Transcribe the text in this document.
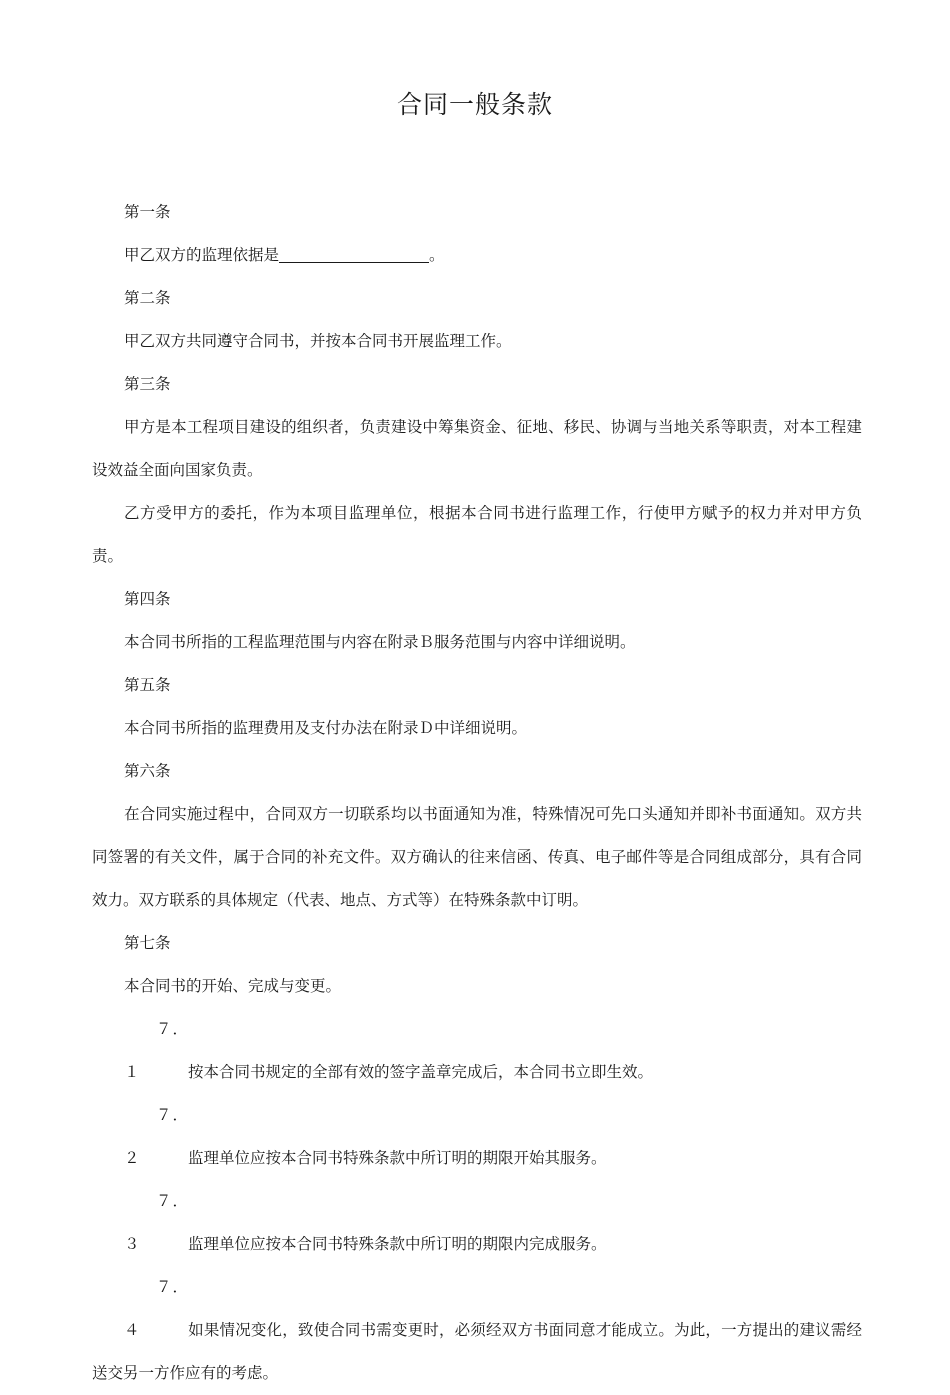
合同一般条款

第一条

甲乙双方的监理依据是	。

第二条

甲乙双方共同遵守合同书，并按本合同书开展监理工作。

第三条

甲方是本工程项目建设的组织者，负责建设中筹集资金、征地、移民、协调与当地关系等职责，对本工程建设效益全面向国家负责。

乙方受甲方的委托，作为本项目监理单位，根据本合同书进行监理工作，行使甲方赋予的权力并对甲方负责。

第四条

本合同书所指的工程监理范围与内容在附录Ｂ服务范围与内容中详细说明。

第五条

本合同书所指的监理费用及支付办法在附录Ｄ中详细说明。

第六条

在合同实施过程中，合同双方一切联系均以书面通知为准，特殊情况可先口头通知并即补书面通知。双方共同签署的有关文件，属于合同的补充文件。双方确认的往来信函、传真、电子邮件等是合同组成部分，具有合同效力。双方联系的具体规定（代表、地点、方式等）在特殊条款中订明。

第七条

本合同书的开始、完成与变更。

７．１	按本合同书规定的全部有效的签字盖章完成后，本合同书立即生效。

７．２	监理单位应按本合同书特殊条款中所订明的期限开始其服务。

７．３	监理单位应按本合同书特殊条款中所订明的期限内完成服务。

７．４	如果情况变化，致使合同书需变更时，必须经双方书面同意才能成立。为此，一方提出的建议需经送交另一方作应有的考虑。
